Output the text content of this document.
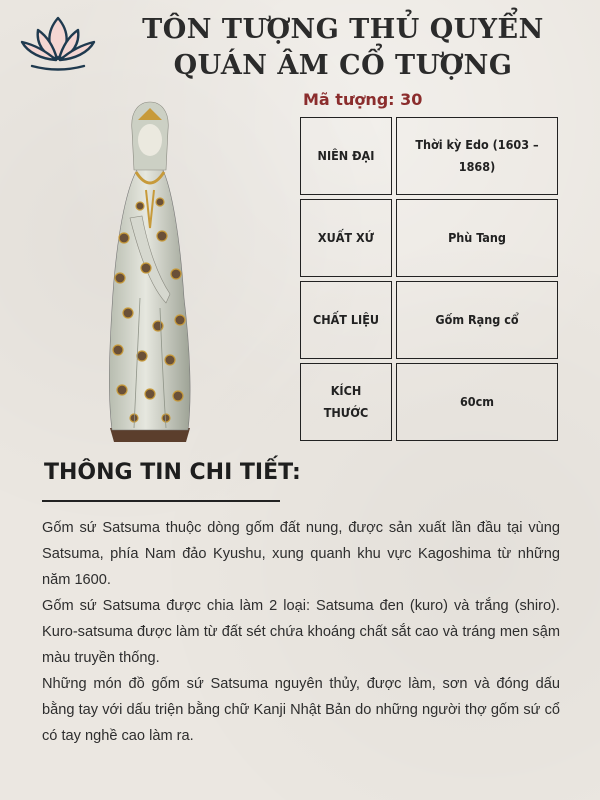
TÔN TƯỢNG THỦ QUYỂN QUÁN ÂM CỔ TƯỢNG
Mã tượng: 30
NIÊN ĐẠI
Thời kỳ Edo (1603 – 1868)
XUẤT XỨ	Phù Tang
CHẤT LIỆU	Gốm Rạng cổ
KÍCH THƯỚC
60cm
THÔNG TIN CHI TIẾT:

Gốm sứ Satsuma thuộc dòng gốm đất nung, được sản xuất lần đầu tại vùng Satsuma, phía Nam đảo Kyushu, xung quanh khu vực Kagoshima từ những năm 1600.

Gốm sứ Satsuma được chia làm 2 loại: Satsuma đen (kuro) và trắng (shiro). Kuro-satsuma được làm từ đất sét chứa khoáng chất sắt cao và tráng men sậm màu truyền thống.

Những món đồ gốm sứ Satsuma nguyên thủy, được làm, sơn và đóng dấu bằng tay với dấu triện bằng chữ Kanji Nhật Bản do những người thợ gốm sứ cổ có tay nghề cao làm ra.
